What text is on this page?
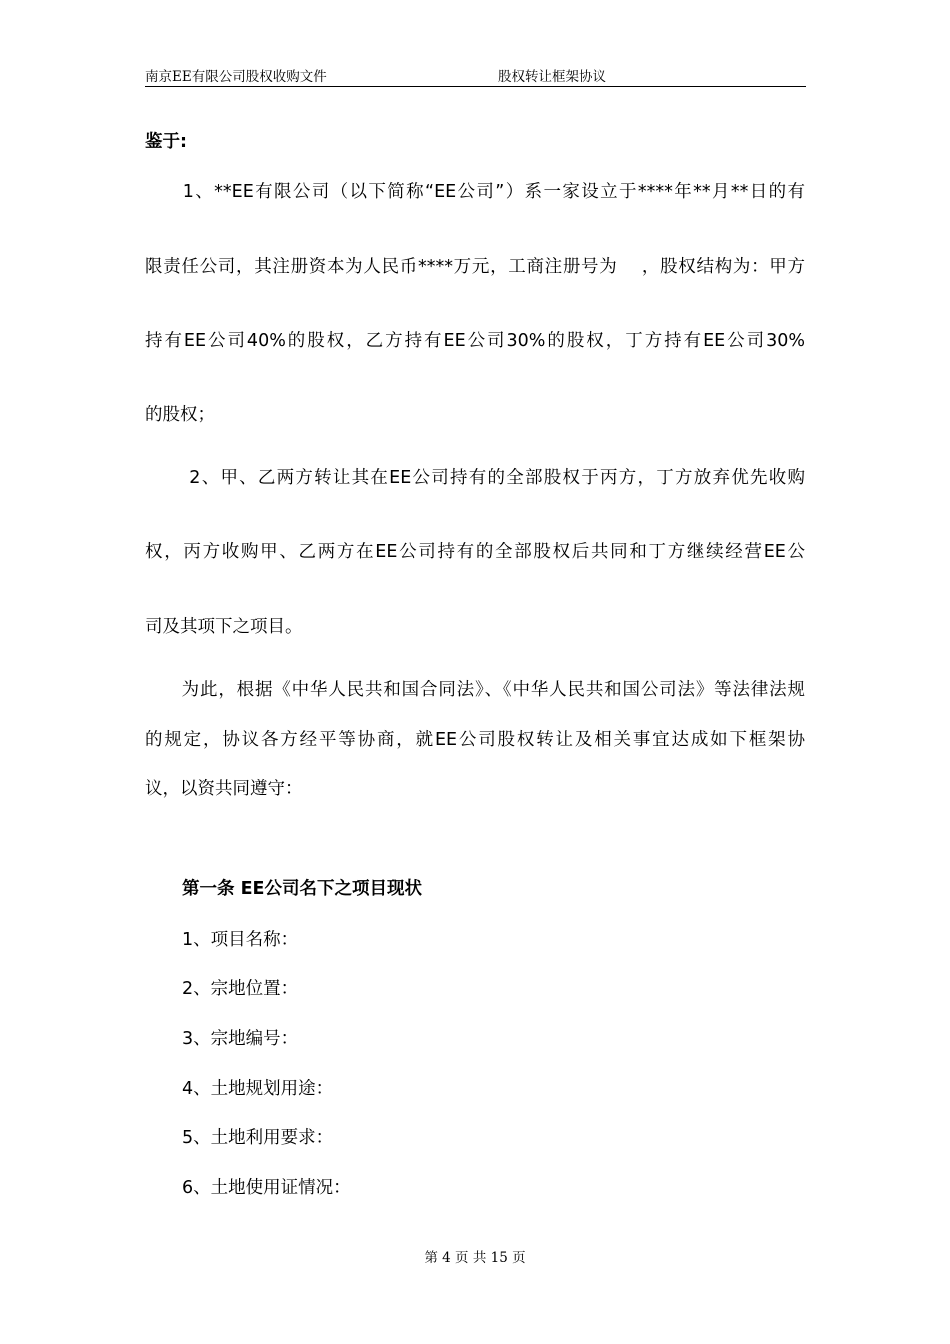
南京EE有限公司股权收购文件	股权转让框架协议
鉴于:
　　1、**EE有限公司（以下简称“EE公司”）系一家设立于****年**月**日的有
限责任公司，其注册资本为人民币****万元，工商注册号为　 ，股权结构为：甲方
持有EE公司40%的股权，乙方持有EE公司30%的股权，丁方持有EE公司30%
的股权；
　　 2、甲、乙两方转让其在EE公司持有的全部股权于丙方，丁方放弃优先收购
权，丙方收购甲、乙两方在EE公司持有的全部股权后共同和丁方继续经营EE公
司及其项下之项目。
　　为此，根据《中华人民共和国合同法》、《中华人民共和国公司法》等法律法规
的规定，协议各方经平等协商，就EE公司股权转让及相关事宜达成如下框架协
议，以资共同遵守：
第一条 EE公司名下之项目现状
1、项目名称：
2、宗地位置：
3、宗地编号：
4、土地规划用途：
5、土地利用要求：
6、土地使用证情况：
第 4 页 共 15 页
